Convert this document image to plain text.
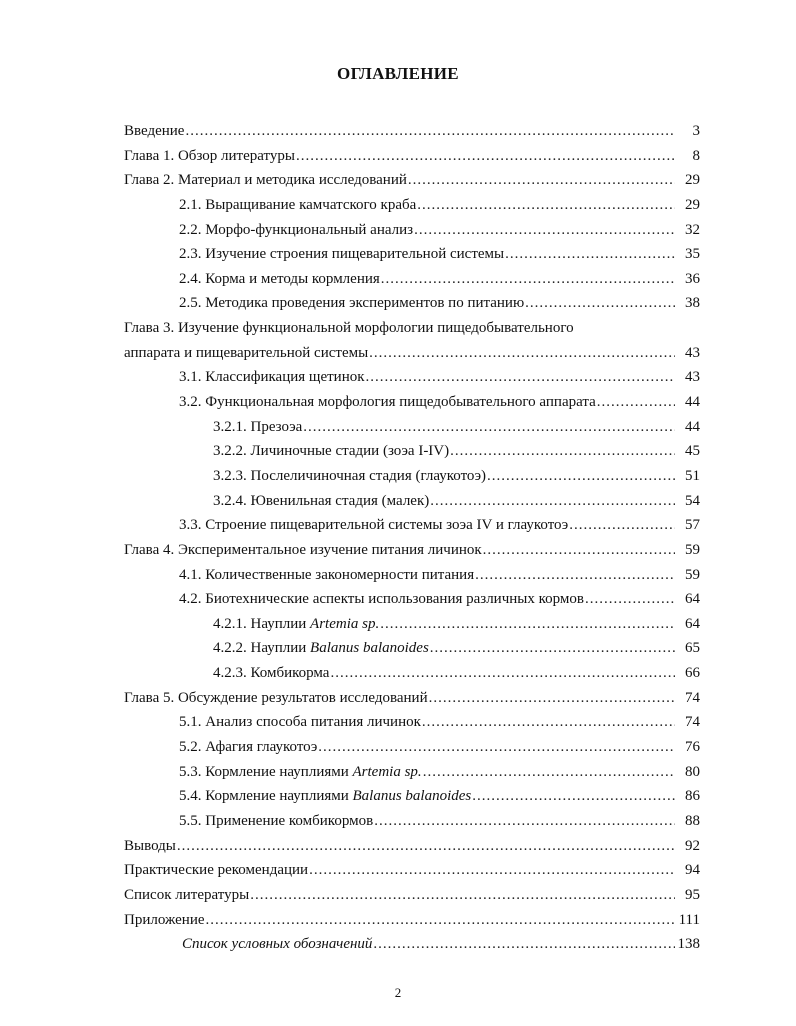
ОГЛАВЛЕНИЕ
Введение .....	3
Глава 1. Обзор литературы .....	8
Глава 2. Материал и методика исследований .....	29
2.1. Выращивание камчатского краба .....	29
2.2. Морфо-функциональный анализ .....	32
2.3. Изучение строения пищеварительной системы .....	35
2.4. Корма и методы кормления .....	36
2.5. Методика проведения экспериментов по питанию .....	38
Глава 3. Изучение функциональной морфологии пищедобывательного
аппарата и пищеварительной системы .....	43
3.1. Классификация щетинок .....	43
3.2. Функциональная морфология пищедобывательного аппарата .....	44
3.2.1. Презоэа .....	44
3.2.2. Личиночные стадии (зоэа I-IV) .....	45
3.2.3. Послеличиночная стадия (глаукотоэ) .....	51
3.2.4. Ювенильная стадия (малек) .....	54
3.3. Строение пищеварительной системы зоэа IV и глаукотоэ .....	57
Глава 4. Экспериментальное изучение питания личинок .....	59
4.1. Количественные закономерности питания .....	59
4.2. Биотехнические аспекты использования различных кормов .....	64
4.2.1. Науплии Artemia sp. .....	64
4.2.2. Науплии Balanus balanoides .....	65
4.2.3. Комбикорма .....	66
Глава 5. Обсуждение результатов исследований .....	74
5.1. Анализ способа питания личинок .....	74
5.2. Афагия глаукотоэ .....	76
5.3. Кормление науплиями Artemia sp. .....	80
5.4. Кормление науплиями Balanus balanoides .....	86
5.5. Применение комбикормов .....	88
Выводы .....	92
Практические рекомендации .....	94
Список литературы .....	95
Приложение .....	111
Список условных обозначений .....	138
2
